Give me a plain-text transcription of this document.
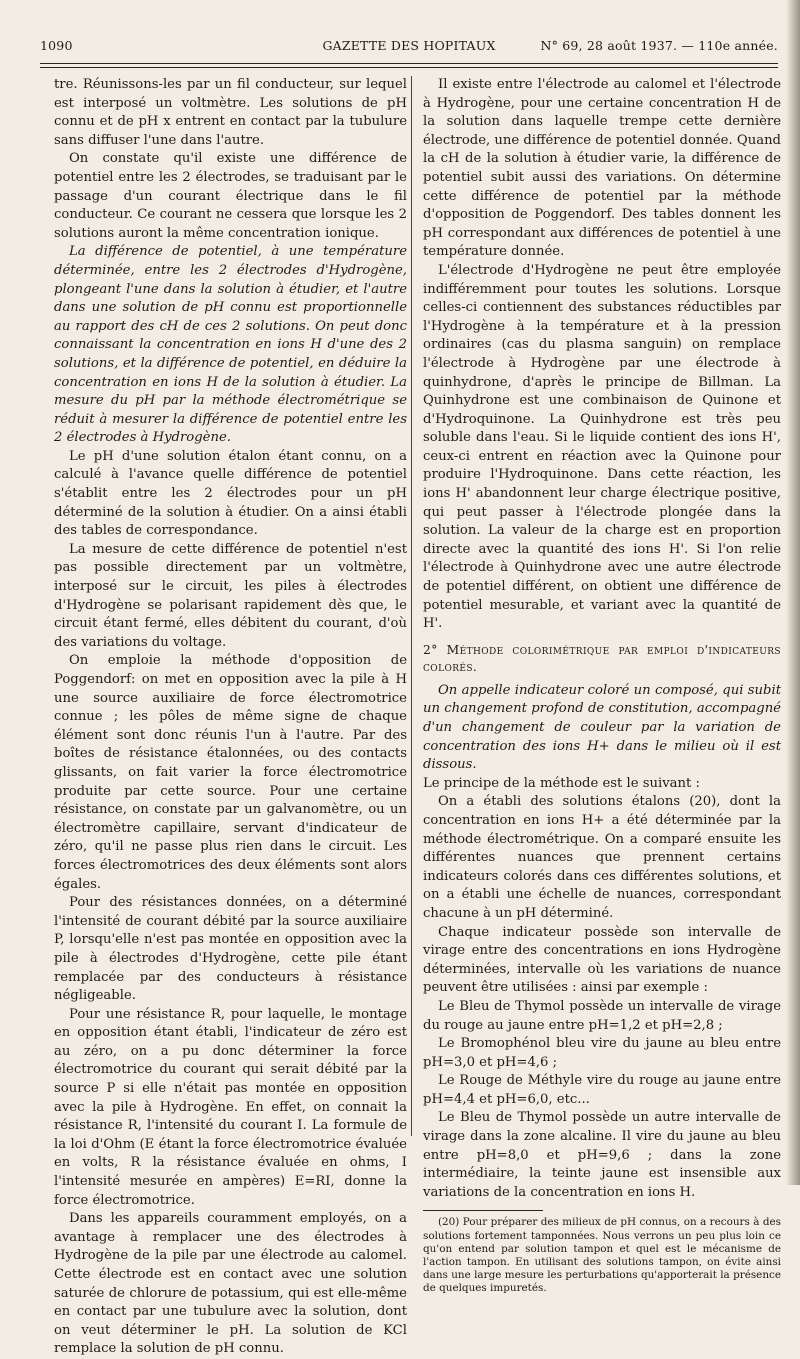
1090	GAZETTE DES HOPITAUX	N° 69, 28 août 1937. — 110e année.

tre. Réunissons-les par un fil conducteur, sur lequel est interposé un voltmètre. Les solutions de pH connu et de pH x entrent en contact par la tubulure sans diffuser l'une dans l'autre.

On constate qu'il existe une différence de potentiel entre les 2 électrodes, se traduisant par le passage d'un courant électrique dans le fil conducteur. Ce courant ne cessera que lorsque les 2 solutions auront la même concentration ionique.

La différence de potentiel, à une température déterminée, entre les 2 électrodes d'Hydrogène, plongeant l'une dans la solution à étudier, et l'autre dans une solution de pH connu est proportionnelle au rapport des cH de ces 2 solutions. On peut donc connaissant la concentration en ions H d'une des 2 solutions, et la différence de potentiel, en déduire la concentration en ions H de la solution à étudier. La mesure du pH par la méthode électrométrique se réduit à mesurer la différence de potentiel entre les 2 électrodes à Hydrogène.

Le pH d'une solution étalon étant connu, on a calculé à l'avance quelle différence de potentiel s'établit entre les 2 électrodes pour un pH déterminé de la solution à étudier. On a ainsi établi des tables de correspondance.

La mesure de cette différence de potentiel n'est pas possible directement par un voltmètre, interposé sur le circuit, les piles à électrodes d'Hydrogène se polarisant rapidement dès que, le circuit étant fermé, elles débitent du courant, d'où des variations du voltage.

On emploie la méthode d'opposition de Poggendorf: on met en opposition avec la pile à H une source auxiliaire de force électromotrice connue ; les pôles de même signe de chaque élément sont donc réunis l'un à l'autre. Par des boîtes de résistance étalonnées, ou des contacts glissants, on fait varier la force électromotrice produite par cette source. Pour une certaine résistance, on constate par un galvanomètre, ou un électromètre capillaire, servant d'indicateur de zéro, qu'il ne passe plus rien dans le circuit. Les forces électromotrices des deux éléments sont alors égales.

Pour des résistances données, on a déterminé l'intensité de courant débité par la source auxiliaire P, lorsqu'elle n'est pas montée en opposition avec la pile à électrodes d'Hydrogène, cette pile étant remplacée par des conducteurs à résistance négligeable.

Pour une résistance R, pour laquelle, le montage en opposition étant établi, l'indicateur de zéro est au zéro, on a pu donc déterminer la force électromotrice du courant qui serait débité par la source P si elle n'était pas montée en opposition avec la pile à Hydrogène. En effet, on connait la résistance R, l'intensité du courant I. La formule de la loi d'Ohm (E étant la force électromotrice évaluée en volts, R la résistance évaluée en ohms, I l'intensité mesurée en ampères) E=RI, donne la force électromotrice.

Dans les appareils couramment employés, on a avantage à remplacer une des électrodes à Hydrogène de la pile par une électrode au calomel. Cette électrode est en contact avec une solution saturée de chlorure de potassium, qui est elle-même en contact par une tubulure avec la solution, dont on veut déterminer le pH. La solution de KCl remplace la solution de pH connu.

Il existe entre l'électrode au calomel et l'électrode à Hydrogène, pour une certaine concentration H de la solution dans laquelle trempe cette dernière électrode, une différence de potentiel donnée. Quand la cH de la solution à étudier varie, la différence de potentiel subit aussi des variations. On détermine cette différence de potentiel par la méthode d'opposition de Poggendorf. Des tables donnent les pH correspondant aux différences de potentiel à une température donnée.

L'électrode d'Hydrogène ne peut être employée indifféremment pour toutes les solutions. Lorsque celles-ci contiennent des substances réductibles par l'Hydrogène à la température et à la pression ordinaires (cas du plasma sanguin) on remplace l'électrode à Hydrogène par une électrode à quinhydrone, d'après le principe de Billman. La Quinhydrone est une combinaison de Quinone et d'Hydroquinone. La Quinhydrone est très peu soluble dans l'eau. Si le liquide contient des ions H', ceux-ci entrent en réaction avec la Quinone pour produire l'Hydroquinone. Dans cette réaction, les ions H' abandonnent leur charge électrique positive, qui peut passer à l'électrode plongée dans la solution. La valeur de la charge est en proportion directe avec la quantité des ions H'. Si l'on relie l'électrode à Quinhydrone avec une autre électrode de potentiel différent, on obtient une différence de potentiel mesurable, et variant avec la quantité de H'.

2° Méthode colorimétrique par emploi d'indicateurs colorés.

On appelle indicateur coloré un composé, qui subit un changement profond de constitution, accompagné d'un changement de couleur par la variation de concentration des ions H+ dans le milieu où il est dissous.

Le principe de la méthode est le suivant :

On a établi des solutions étalons (20), dont la concentration en ions H+ a été déterminée par la méthode électrométrique. On a comparé ensuite les différentes nuances que prennent certains indicateurs colorés dans ces différentes solutions, et on a établi une échelle de nuances, correspondant chacune à un pH déterminé.

Chaque indicateur possède son intervalle de virage entre des concentrations en ions Hydrogène déterminées, intervalle où les variations de nuance peuvent être utilisées : ainsi par exemple :

Le Bleu de Thymol possède un intervalle de virage du rouge au jaune entre pH=1,2 et pH=2,8 ;

Le Bromophénol bleu vire du jaune au bleu entre pH=3,0 et pH=4,6 ;

Le Rouge de Méthyle vire du rouge au jaune entre pH=4,4 et pH=6,0, etc...

Le Bleu de Thymol possède un autre intervalle de virage dans la zone alcaline. Il vire du jaune au bleu entre pH=8,0 et pH=9,6 ; dans la zone intermédiaire, la teinte jaune est insensible aux variations de la concentration en ions H.

(20) Pour préparer des milieux de pH connus, on a recours à des solutions fortement tamponnées. Nous verrons un peu plus loin ce qu'on entend par solution tampon et quel est le mécanisme de l'action tampon. En utilisant des solutions tampon, on évite ainsi dans une large mesure les perturbations qu'apporterait la présence de quelques impuretés.
